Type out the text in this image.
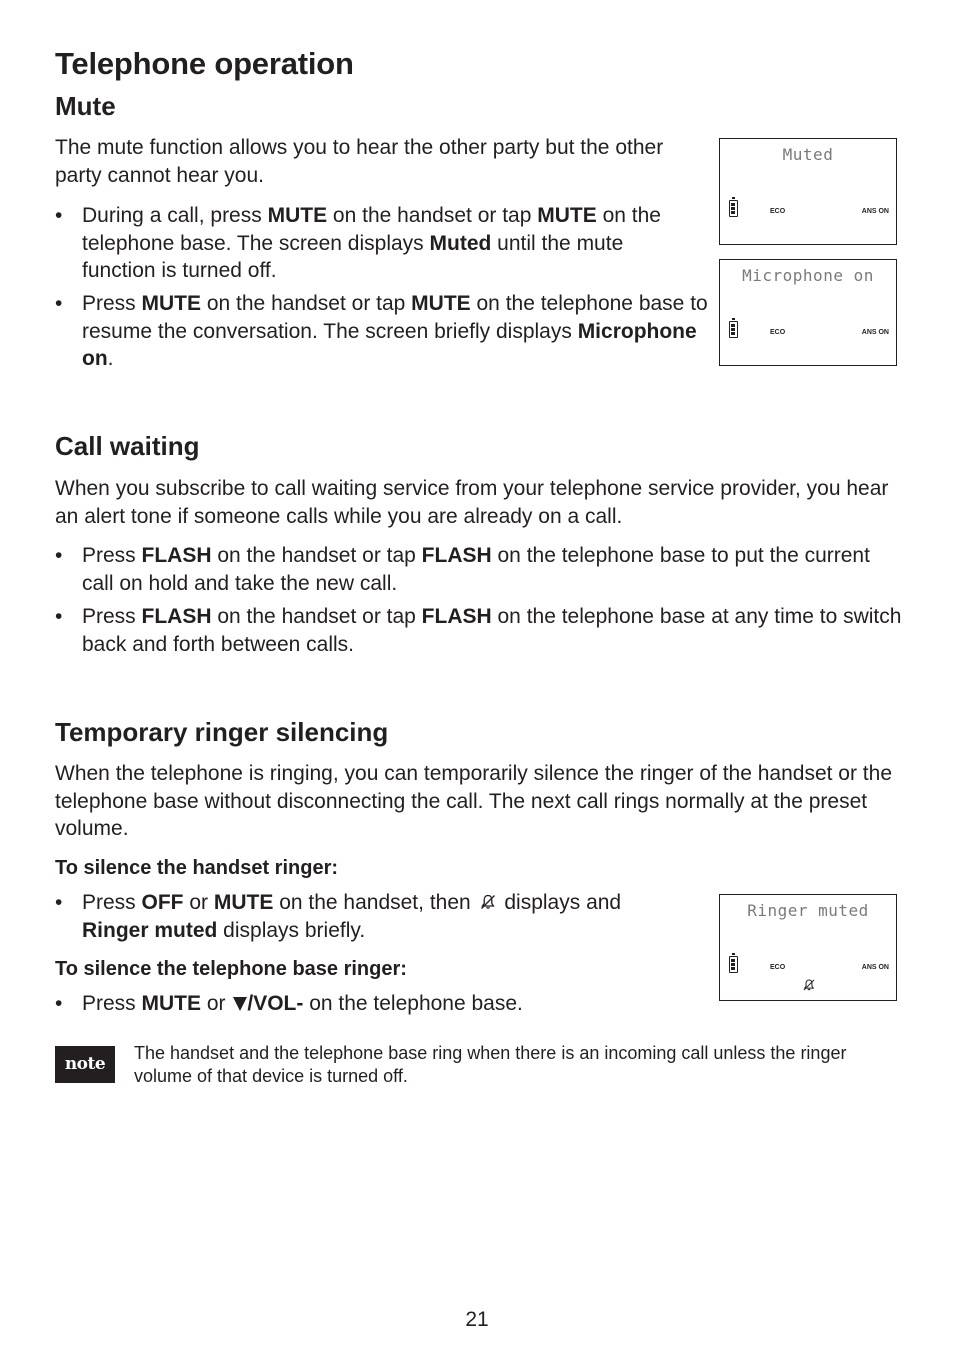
Telephone operation
Mute

The mute function allows you to hear the other party but the other party cannot hear you.

• During a call, press MUTE on the handset or tap MUTE on the telephone base. The screen displays Muted until the mute function is turned off.
• Press MUTE on the handset or tap MUTE on the telephone base to resume the conversation. The screen briefly displays Microphone on.
Muted
ECO	ANS ON
Microphone on
ECO	ANS ON
Call waiting

When you subscribe to call waiting service from your telephone service provider, you hear an alert tone if someone calls while you are already on a call.

• Press FLASH on the handset or tap FLASH on the telephone base to put the current call on hold and take the new call.
• Press FLASH on the handset or tap FLASH on the telephone base at any time to switch back and forth between calls.
Temporary ringer silencing

When the telephone is ringing, you can temporarily silence the ringer of the handset or the telephone base without disconnecting the call. The next call rings normally at the preset volume.

To silence the handset ringer:
• Press OFF or MUTE on the handset, then  displays and Ringer muted displays briefly.
To silence the telephone base ringer:
• Press MUTE or /VOL- on the telephone base.
Ringer muted
ECO	ANS ON
note

The handset and the telephone base ring when there is an incoming call unless the ringer volume of that device is turned off.

21
